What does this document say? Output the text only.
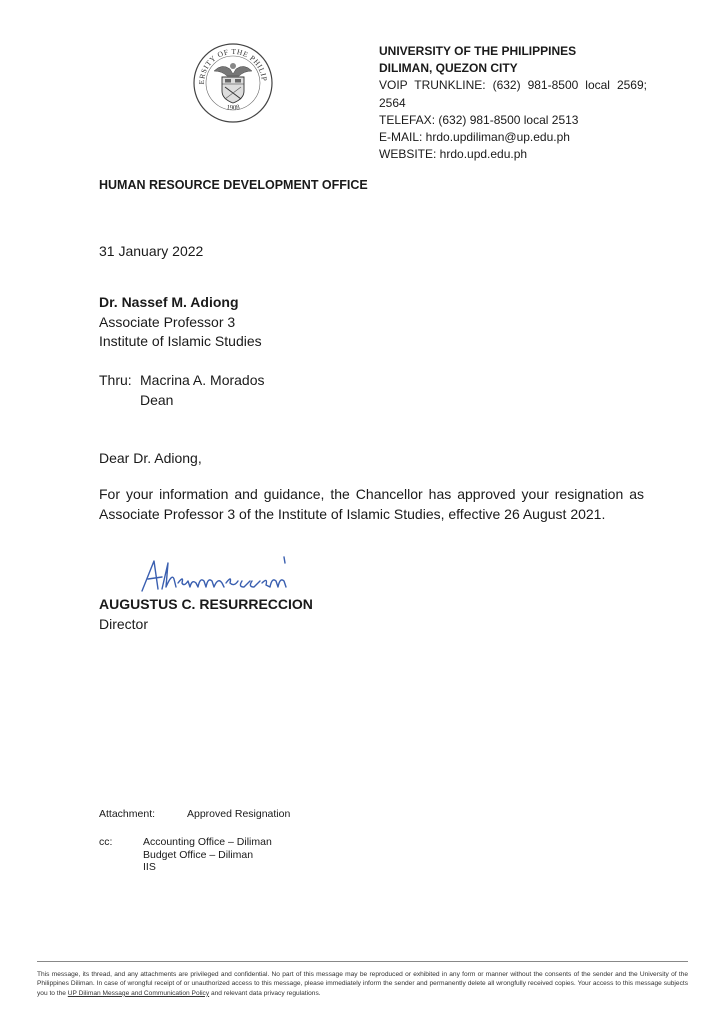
ERSITY OF THE PHILIP
1908
UNIVERSITY OF THE PHILIPPINES
DILIMAN, QUEZON CITY
VOIP TRUNKLINE: (632) 981-8500 local 2569;
2564
TELEFAX: (632) 981-8500 local 2513
E-MAIL: hrdo.updiliman@up.edu.ph
WEBSITE: hrdo.upd.edu.ph
HUMAN RESOURCE DEVELOPMENT OFFICE
31 January 2022
Dr. Nassef M. Adiong
Associate Professor 3
Institute of Islamic Studies
Thru: Macrina A. Morados
Dean
Dear Dr. Adiong,
For your information and guidance, the Chancellor has approved your resignation as Associate Professor 3 of the Institute of Islamic Studies, effective 26 August 2021.
AUGUSTUS C. RESURRECCION
Director
Attachment:	Approved Resignation
cc:	Accounting Office – Diliman
Budget Office – Diliman
IIS
This message, its thread, and any attachments are privileged and confidential. No part of this message may be reproduced or exhibited in any form or manner without the consents of the sender and the University of the Philippines Diliman. In case of wrongful receipt of or unauthorized access to this message, please immediately inform the sender and permanently delete all wrongfully received copies. Your access to this message subjects you to the UP Diliman Message and Communication Policy and relevant data privacy regulations.
